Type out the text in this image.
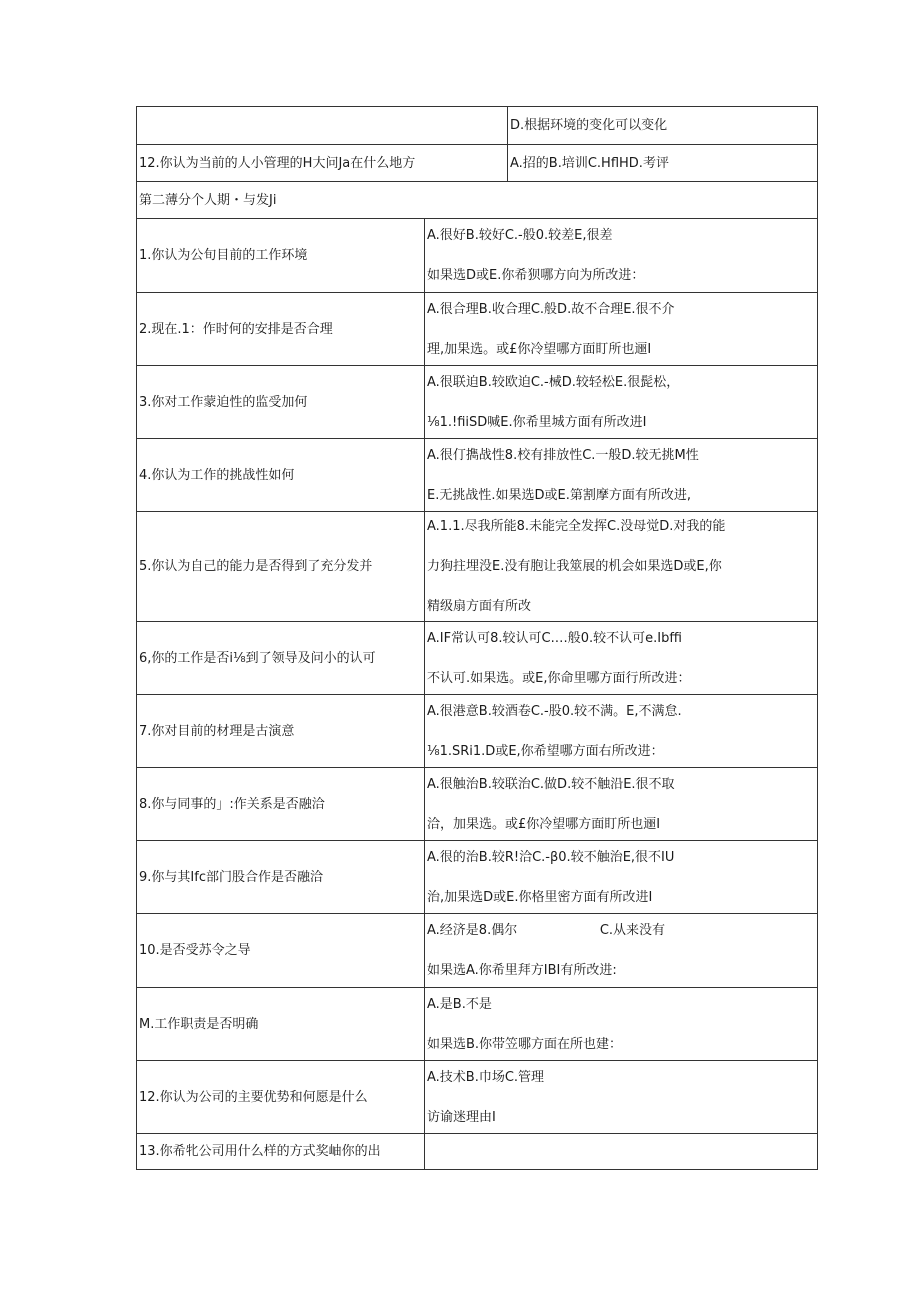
		D.根据环境的变化可以变化
12.你认为当前的人小管理的H大问Ja在什么地方		A.招的B.培训C.HflHD.考评
第二薄分个人期・与发Ji		
1.你认为公旬目前的工作环境	A.很好B.较好C.-般0.较差E,很差
如果选D或E.你希狈哪方向为所改进：	

2.现在.1：作时何的安排是否合理	A.很合理B.收合理C.般D.故不合理E.很不介
理,加果选。或£你冷望哪方面盯所也逦I	

3.你对工作蒙迫性的监受加何	A.很联迫B.较欧迫C.-械D.较轻松E.很髭松，
⅛1.!fiiSD喊E.你希里城方面有所改进I	

4.你认为工作的挑战性如何	A.很仃擕战性8.校有排放性C.一般D.较无挑M性
E.无挑战性.如果选D或E.第割摩方面有所改进,	

5.你认为自己的能力是否得到了充分发并	A.1.1.尽我所能8.未能完全发挥C.没母觉D.对我的能
力狗拄埋没E.没有胞让我筮展的机会如果选D或E,你
精级扇方面有所改	

6,你的工作是否i⅛到了领导及问小的认可	A.IF常认可8.较认可C.…般0.较不认可e.Ibffi
不认可.如果选。或E,你命里哪方面行所改进：	

7.你对目前的材理是古演意	A.很港意B.较酒卷C.-股0.较不满。E,不满怠.
⅛1.SRi1.D或E,你希望哪方面右所改进：	

8.你与同事的」:作关系是否融洽	A.很触治B.较联治C.做D.较不触沿E.很不取
洽，加果选。或£你冷望哪方面盯所也逦I	

9.你与其Ifc部门股合作是否融洽	A.很的治B.较R!洽C.-β0.较不触治E,很不IU
治,加果选D或E.你格里密方面有所改进I	

10.是否受苏令之导	A.经济是8.偶尔                    C.从来没有
如果选A.你希里拜方IBI有所改进:	

M.工作职责是否明确	A.是B.不是
如果选B.你带笠哪方面在所也建：	

12.你认为公司的主要优势和何愿是什么	A.技术B.巾场C.管理
访谕迷理由I	

13.你希牝公司用什么样的方式奖岫你的出		
